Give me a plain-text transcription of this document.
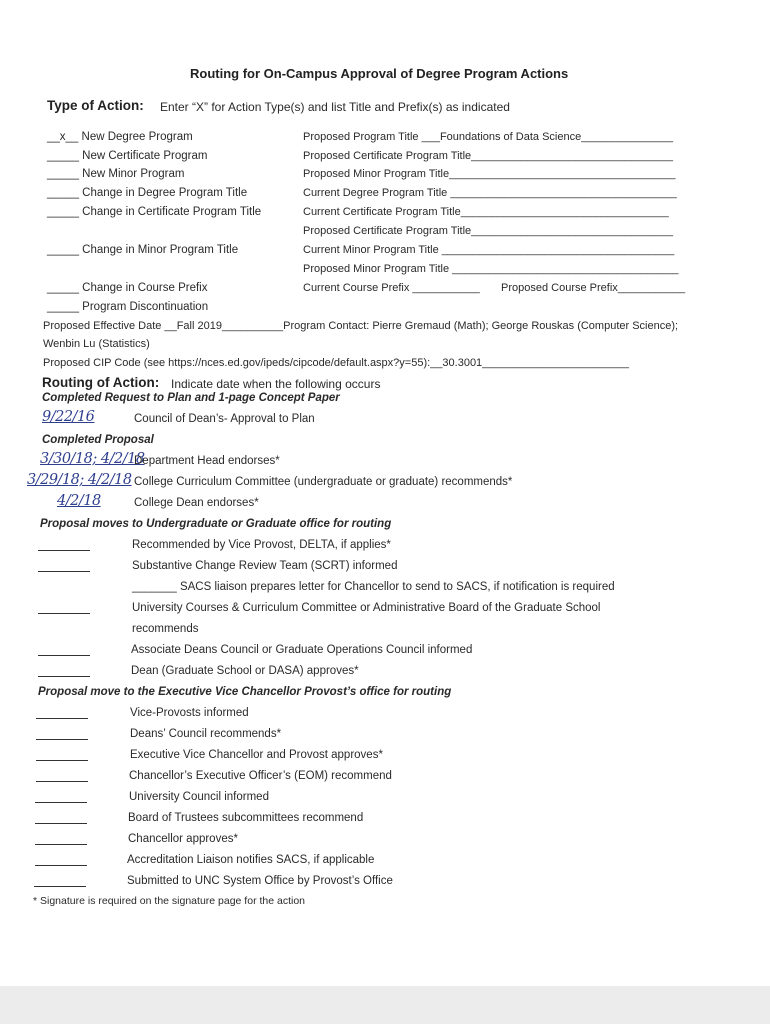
Routing for On-Campus Approval of Degree Program Actions
Type of Action: Enter “X” for Action Type(s) and list Title and Prefix(s) as indicated
__x__ New Degree Program
_____ New Certificate Program
_____ New Minor Program
_____ Change in Degree Program Title
_____ Change in Certificate Program Title
_____ Change in Minor Program Title
_____ Change in Course Prefix
_____ Program Discontinuation
Proposed Program Title ___Foundations of Data Science_______________
Proposed Certificate Program Title_________________________________
Proposed Minor Program Title_____________________________________
Current Degree Program Title _____________________________________
Current Certificate Program Title__________________________________
Proposed Certificate Program Title_________________________________
Current Minor Program Title ______________________________________
Proposed Minor Program Title _____________________________________
Current Course Prefix ___________ Proposed Course Prefix___________
Proposed Effective Date __Fall 2019__________Program Contact: Pierre Gremaud (Math); George Rouskas (Computer Science);
Wenbin Lu (Statistics)
Proposed CIP Code (see https://nces.ed.gov/ipeds/cipcode/default.aspx?y=55):__30.3001________________________
Routing of Action: Indicate date when the following occurs
Completed Request to Plan and 1-page Concept Paper
9/22/16	Council of Dean’s- Approval to Plan
Completed Proposal
3/30/18; 4/2/18
Department Head endorses*
3/29/18; 4/2/18 College Curriculum Committee (undergraduate or graduate) recommends*
4/2/18	College Dean endorses*
Proposal moves to Undergraduate or Graduate office for routing
Recommended by Vice Provost, DELTA, if applies*
Substantive Change Review Team (SCRT) informed
_______ SACS liaison prepares letter for Chancellor to send to SACS, if notification is required
University Courses & Curriculum Committee or Administrative Board of the Graduate School
recommends
Associate Deans Council or Graduate Operations Council informed
Dean (Graduate School or DASA) approves*
Proposal move to the Executive Vice Chancellor Provost’s office for routing
Vice-Provosts informed
Deans’ Council recommends*
Executive Vice Chancellor and Provost approves*
Chancellor’s Executive Officer’s (EOM) recommend
University Council informed
Board of Trustees subcommittees recommend
Chancellor approves*
Accreditation Liaison notifies SACS, if applicable
Submitted to UNC System Office by Provost’s Office
* Signature is required on the signature page for the action
